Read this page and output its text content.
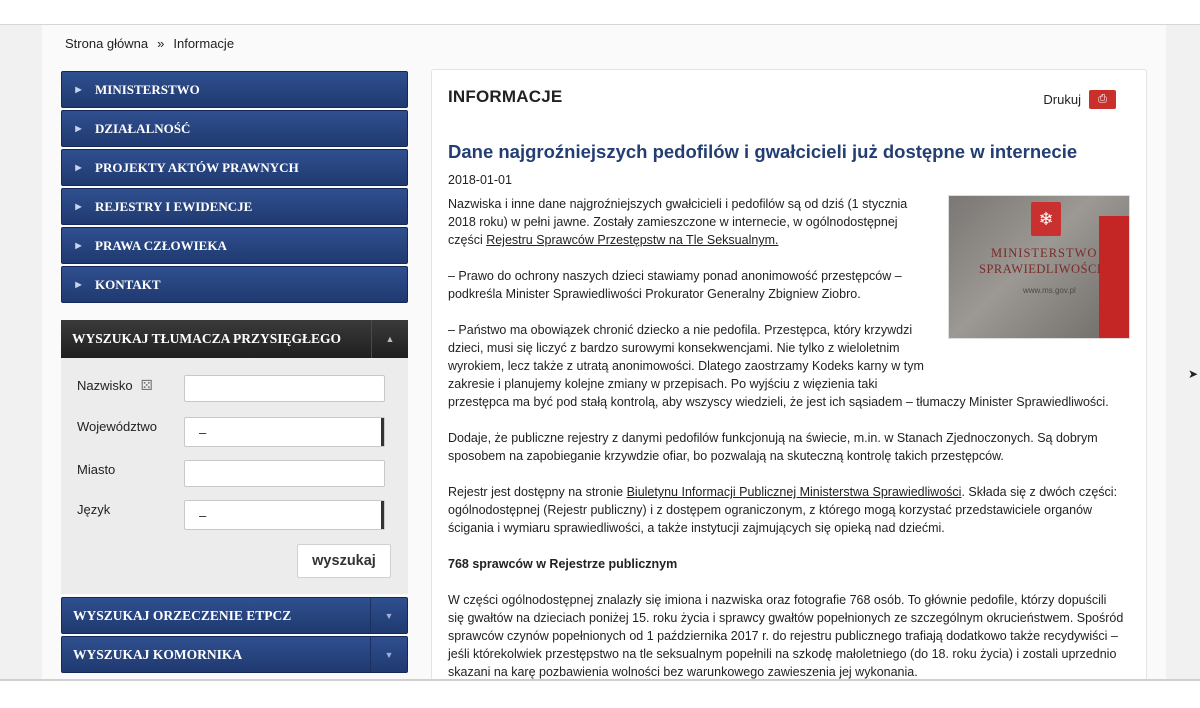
Strona główna » Informacje
▶	MINISTERSTWO
▶	DZIAŁALNOŚĆ
▶	PROJEKTY AKTÓW PRAWNYCH
▶	REJESTRY I EWIDENCJE
▶	PRAWA CZŁOWIEKA
▶	KONTAKT
WYSZUKAJ TŁUMACZA PRZYSIĘGŁEGO	▲
Nazwisko ⚄
Województwo	–
Miasto
Język	–
wyszukaj
WYSZUKAJ ORZECZENIE ETPCZ	▼
WYSZUKAJ KOMORNIKA	▼
INFORMACJE	Drukuj	⎙
Dane najgroźniejszych pedofilów i gwałcicieli już dostępne w internecie
2018-01-01
❄
MINISTERSTWO
SPRAWIEDLIWOŚCI
www.ms.gov.pl

Nazwiska i inne dane najgroźniejszych gwałcicieli i pedofilów są od dziś (1 stycznia 2018 roku) w pełni jawne. Zostały zamieszczone w internecie, w ogólnodostępnej części Rejestru Sprawców Przestępstw na Tle Seksualnym.

– Prawo do ochrony naszych dzieci stawiamy ponad anonimowość przestępców – podkreśla Minister Sprawiedliwości Prokurator Generalny Zbigniew Ziobro.

– Państwo ma obowiązek chronić dziecko a nie pedofila. Przestępca, który krzywdzi dzieci, musi się liczyć z bardzo surowymi konsekwencjami. Nie tylko z wieloletnim wyrokiem, lecz także z utratą anonimowości. Dlatego zaostrzamy Kodeks karny w tym zakresie i planujemy kolejne zmiany w przepisach. Po wyjściu z więzienia taki przestępca ma być pod stałą kontrolą, aby wszyscy wiedzieli, że jest ich sąsiadem – tłumaczy Minister Sprawiedliwości.

Dodaje, że publiczne rejestry z danymi pedofilów funkcjonują na świecie, m.in. w Stanach Zjednoczonych. Są dobrym sposobem na zapobieganie krzywdzie ofiar, bo pozwalają na skuteczną kontrolę takich przestępców.

Rejestr jest dostępny na stronie Biuletynu Informacji Publicznej Ministerstwa Sprawiedliwości. Składa się z dwóch części: ogólnodostępnej (Rejestr publiczny) i z dostępem ograniczonym, z którego mogą korzystać przedstawiciele organów ścigania i wymiaru sprawiedliwości, a także instytucji zajmujących się opieką nad dziećmi.

768 sprawców w Rejestrze publicznym

W części ogólnodostępnej znalazły się imiona i nazwiska oraz fotografie 768 osób. To głównie pedofile, którzy dopuścili się gwałtów na dzieciach poniżej 15. roku życia i sprawcy gwałtów popełnionych ze szczególnym okrucieństwem. Spośród sprawców czynów popełnionych od 1 października 2017 r. do rejestru publicznego trafiają dodatkowo także recydywiści – jeśli którekolwiek przestępstwo na tle seksualnym popełnili na szkodę małoletniego (do 18. roku życia) i zostali uprzednio skazani na karę pozbawienia wolności bez warunkowego zawieszenia jej wykonania.

➤
